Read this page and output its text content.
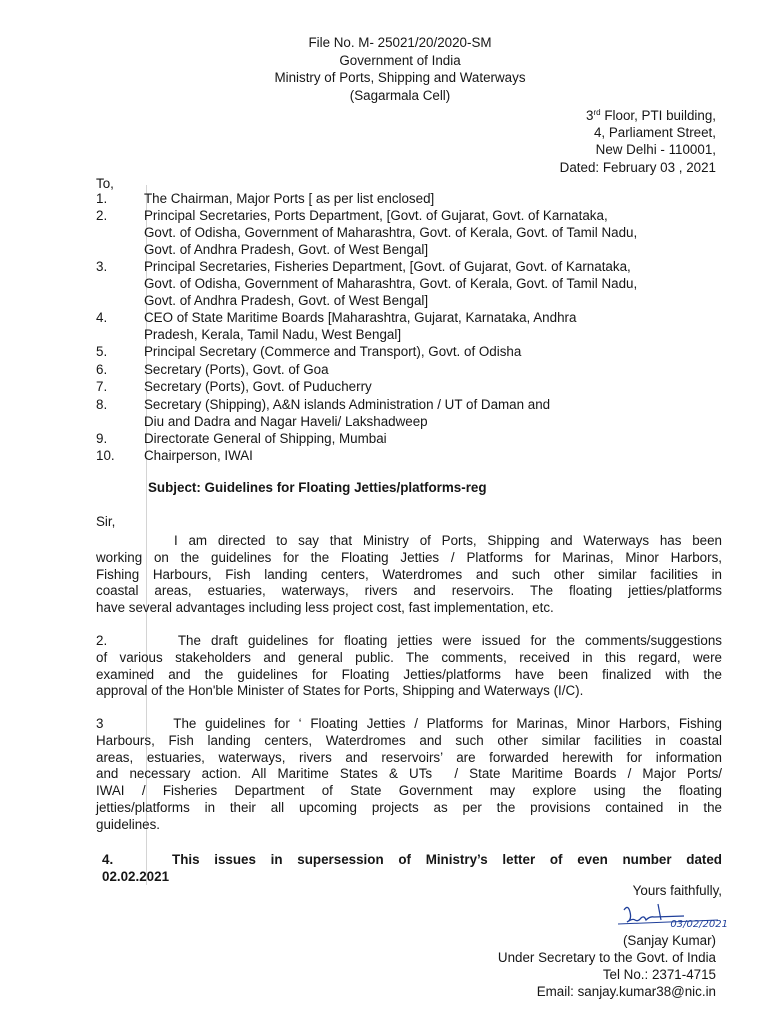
File No. M- 25021/20/2020-SM
Government of India
Ministry of Ports, Shipping and Waterways
(Sagarmala Cell)
3rd Floor, PTI building,
4, Parliament Street,
New Delhi - 110001,
Dated: February 03 , 2021
To,
1.	The Chairman, Major Ports [ as per list enclosed]
2.	Principal Secretaries, Ports Department, [Govt. of Gujarat, Govt. of Karnataka,
Govt. of Odisha, Government of Maharashtra, Govt. of Kerala, Govt. of Tamil Nadu,
Govt. of Andhra Pradesh, Govt. of West Bengal]
3.	Principal Secretaries, Fisheries Department, [Govt. of Gujarat, Govt. of Karnataka,
Govt. of Odisha, Government of Maharashtra, Govt. of Kerala, Govt. of Tamil Nadu,
Govt. of Andhra Pradesh, Govt. of West Bengal]
4.	CEO of State Maritime Boards [Maharashtra, Gujarat, Karnataka, Andhra
Pradesh, Kerala, Tamil Nadu, West Bengal]
5.	Principal Secretary (Commerce and Transport), Govt. of Odisha
6.	Secretary (Ports), Govt. of Goa
7.	Secretary (Ports), Govt. of Puducherry
8.	Secretary (Shipping), A&N islands Administration / UT of Daman and
Diu and Dadra and Nagar Haveli/ Lakshadweep
9.	Directorate General of Shipping, Mumbai
10.	Chairperson, IWAI
Subject: Guidelines for Floating Jetties/platforms-reg
Sir,
I am directed to say that Ministry of Ports, Shipping and Waterways has been
working on the guidelines for the Floating Jetties / Platforms for Marinas, Minor Harbors,
Fishing Harbours, Fish landing centers, Waterdromes and such other similar facilities in
coastal areas, estuaries, waterways, rivers and reservoirs. The floating jetties/platforms
have several advantages including less project cost, fast implementation, etc.
2.       The draft guidelines for floating jetties were issued for the comments/suggestions
of various stakeholders and general public. The comments, received in this regard, were
examined and the guidelines for Floating Jetties/platforms have been finalized with the
approval of the Hon'ble Minister of States for Ports, Shipping and Waterways (I/C).
3        The guidelines for ‘ Floating Jetties / Platforms for Marinas, Minor Harbors, Fishing
Harbours, Fish landing centers, Waterdromes and such other similar facilities in coastal
areas, estuaries, waterways, rivers and reservoirs’ are forwarded herewith for information
and necessary action. All Maritime States & UTs  / State Maritime Boards / Major Ports/
IWAI / Fisheries Department of State Government may explore using the floating
jetties/platforms in their all upcoming projects as per the provisions contained in the
guidelines.
4.    This issues in supersession of Ministry’s letter of even number dated
02.02.2021
Yours faithfully,
03/02/2021
(Sanjay Kumar)
Under Secretary to the Govt. of India
Tel No.: 2371-4715
Email: sanjay.kumar38@nic.in
